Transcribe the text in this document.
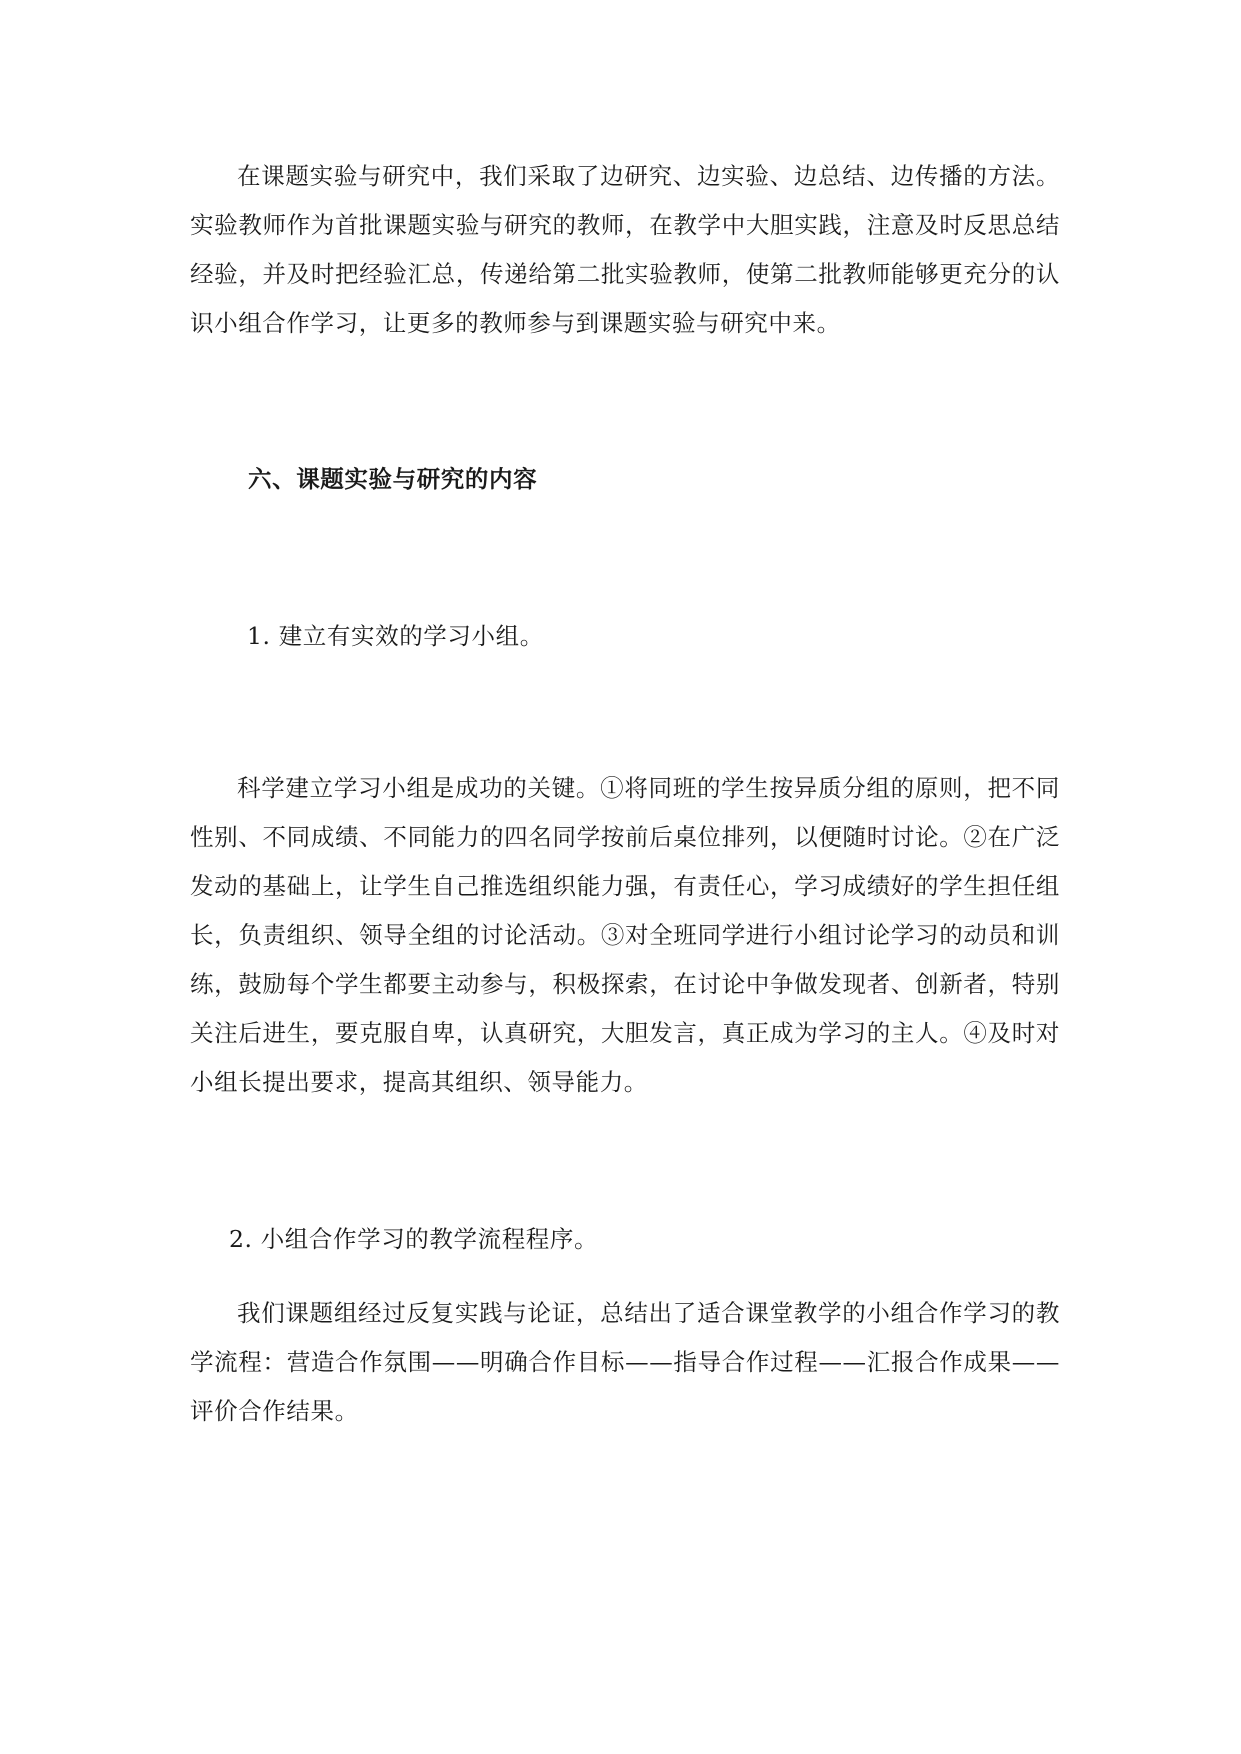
在课题实验与研究中，我们采取了边研究、边实验、边总结、边传播的方法。实验教师作为首批课题实验与研究的教师，在教学中大胆实践，注意及时反思总结经验，并及时把经验汇总，传递给第二批实验教师，使第二批教师能够更充分的认识小组合作学习，让更多的教师参与到课题实验与研究中来。

六、课题实验与研究的内容

1. 建立有实效的学习小组。

科学建立学习小组是成功的关键。①将同班的学生按异质分组的原则，把不同性别、不同成绩、不同能力的四名同学按前后桌位排列，以便随时讨论。②在广泛发动的基础上，让学生自己推选组织能力强，有责任心，学习成绩好的学生担任组长，负责组织、领导全组的讨论活动。③对全班同学进行小组讨论学习的动员和训练，鼓励每个学生都要主动参与，积极探索，在讨论中争做发现者、创新者，特别关注后进生，要克服自卑，认真研究，大胆发言，真正成为学习的主人。④及时对小组长提出要求，提高其组织、领导能力。

2. 小组合作学习的教学流程程序。

我们课题组经过反复实践与论证，总结出了适合课堂教学的小组合作学习的教学流程：营造合作氛围——明确合作目标——指导合作过程——汇报合作成果——评价合作结果。
